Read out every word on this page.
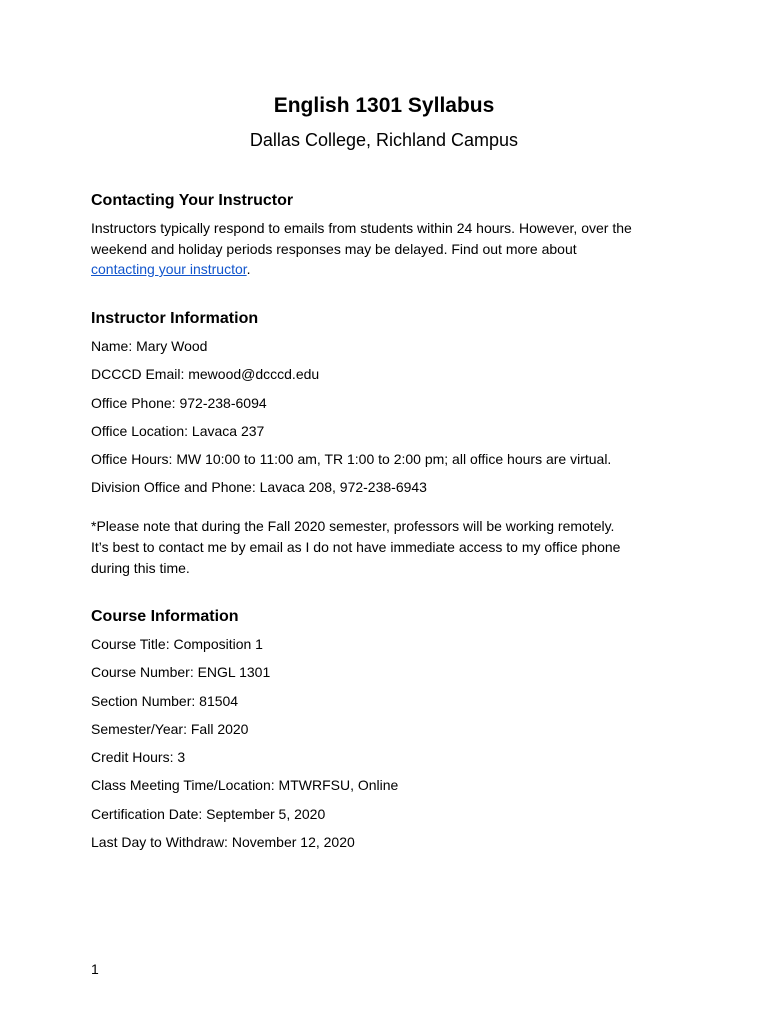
English 1301 Syllabus
Dallas College, Richland Campus
Contacting Your Instructor

Instructors typically respond to emails from students within 24 hours. However, over the
weekend and holiday periods responses may be delayed. Find out more about
contacting your instructor.

Instructor Information
Name: Mary Wood
DCCCD Email: mewood@dcccd.edu
Office Phone: 972-238-6094
Office Location: Lavaca 237
Office Hours: MW 10:00 to 11:00 am, TR 1:00 to 2:00 pm; all office hours are virtual.
Division Office and Phone: Lavaca 208, 972-238-6943

*Please note that during the Fall 2020 semester, professors will be working remotely.
It’s best to contact me by email as I do not have immediate access to my office phone
during this time.

Course Information
Course Title: Composition 1
Course Number: ENGL 1301
Section Number: 81504
Semester/Year: Fall 2020
Credit Hours: 3
Class Meeting Time/Location: MTWRFSU, Online
Certification Date: September 5, 2020
Last Day to Withdraw: November 12, 2020
1
